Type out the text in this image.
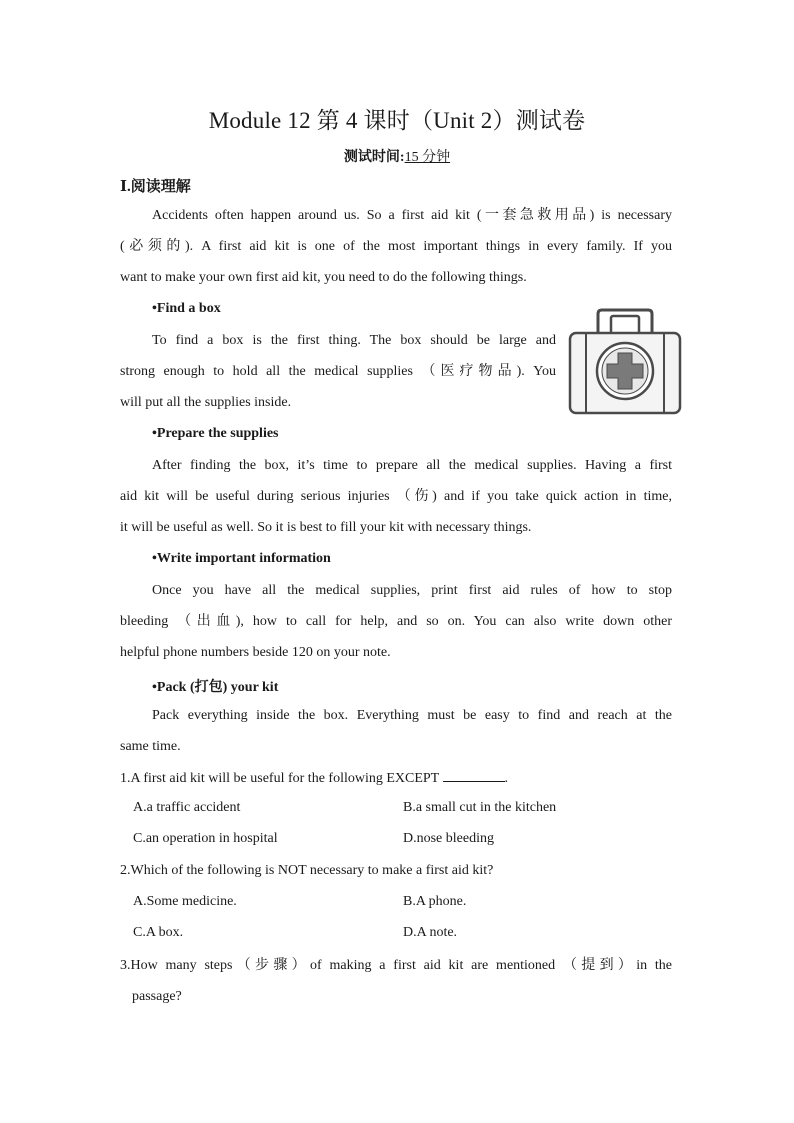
Module 12 第 4 课时（Unit 2）测试卷
测试时间:15 分钟
Ⅰ.阅读理解
Accidents often happen around us. So a first aid kit (一套急救用品) is necessary
(必须的). A first aid kit is one of the most important things in every family. If you
want to make your own first aid kit, you need to do the following things.
•Find a box
To find a box is the first thing. The box should be large and
strong enough to hold all the medical supplies （医疗物品). You
will put all the supplies inside.
•Prepare the supplies
After finding the box, it’s time to prepare all the medical supplies. Having a first
aid kit will be useful during serious injuries （伤) and if you take quick action in time,
it will be useful as well. So it is best to fill your kit with necessary things.
•Write important information
Once you have all the medical supplies, print first aid rules of how to stop
bleeding （出血), how to call for help, and so on. You can also write down other
helpful phone numbers beside 120 on your note.
•Pack (打包) your kit
Pack everything inside the box. Everything must be easy to find and reach at the
same time.
1.A first aid kit will be useful for the following EXCEPT	.
A.a traffic accident	B.a small cut in the kitchen
C.an operation in hospital	D.nose bleeding
2.Which of the following is NOT necessary to make a first aid kit?
A.Some medicine.	B.A phone.
C.A box.	D.A note.
3.How many steps（步骤）of making a first aid kit are mentioned （提到）in the
passage?
